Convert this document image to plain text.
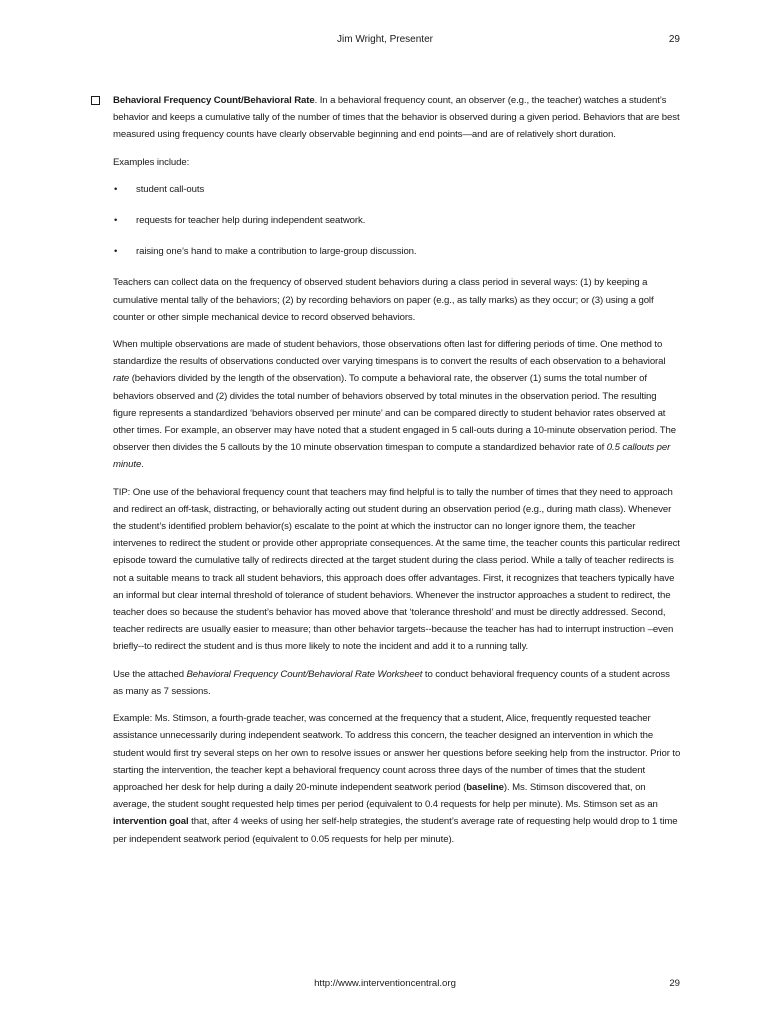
Jim Wright, Presenter	29

Behavioral Frequency Count/Behavioral Rate. In a behavioral frequency count, an observer (e.g., the teacher) watches a student’s behavior and keeps a cumulative tally of the number of times that the behavior is observed during a given period. Behaviors that are best measured using frequency counts have clearly observable beginning and end points—and are of relatively short duration.

Examples include:

• student call-outs
• requests for teacher help during independent seatwork.
• raising one’s hand to make a contribution to large-group discussion.

Teachers can collect data on the frequency of observed student behaviors during a class period in several ways: (1) by keeping a cumulative mental tally of the behaviors; (2) by recording behaviors on paper (e.g., as tally marks) as they occur; or (3) using a golf counter or other simple mechanical device to record observed behaviors.

When multiple observations are made of student behaviors, those observations often last for differing periods of time. One method to standardize the results of observations conducted over varying timespans is to convert the results of each observation to a behavioral rate (behaviors divided by the length of the observation). To compute a behavioral rate, the observer (1) sums the total number of behaviors observed and (2) divides the total number of behaviors observed by total minutes in the observation period. The resulting figure represents a standardized ‘behaviors observed per minute’ and can be compared directly to student behavior rates observed at other times. For example, an observer may have noted that a student engaged in 5 call-outs during a 10-minute observation period. The observer then divides the 5 callouts by the 10 minute observation timespan to compute a standardized behavior rate of 0.5 callouts per minute.

TIP: One use of the behavioral frequency count that teachers may find helpful is to tally the number of times that they need to approach and redirect an off-task, distracting, or behaviorally acting out student during an observation period (e.g., during math class). Whenever the student’s identified problem behavior(s) escalate to the point at which the instructor can no longer ignore them, the teacher intervenes to redirect the student or provide other appropriate consequences. At the same time, the teacher counts this particular redirect episode toward the cumulative tally of redirects directed at the target student during the class period. While a tally of teacher redirects is not a suitable means to track all student behaviors, this approach does offer advantages. First, it recognizes that teachers typically have an informal but clear internal threshold of tolerance of student behaviors. Whenever the instructor approaches a student to redirect, the teacher does so because the student’s behavior has moved above that ‘tolerance threshold’ and must be directly addressed. Second, teacher redirects are usually easier to measure; than other behavior targets--because the teacher has had to interrupt instruction –even briefly--to redirect the student and is thus more likely to note the incident and add it to a running tally.

Use the attached Behavioral Frequency Count/Behavioral Rate Worksheet to conduct behavioral frequency counts of a student across as many as 7 sessions.

Example: Ms. Stimson, a fourth-grade teacher, was concerned at the frequency that a student, Alice, frequently requested teacher assistance unnecessarily during independent seatwork. To address this concern, the teacher designed an intervention in which the student would first try several steps on her own to resolve issues or answer her questions before seeking help from the instructor. Prior to starting the intervention, the teacher kept a behavioral frequency count across three days of the number of times that the student approached her desk for help during a daily 20-minute independent seatwork period (baseline). Ms. Stimson discovered that, on average, the student sought requested help times per period (equivalent to 0.4 requests for help per minute). Ms. Stimson set as an intervention goal that, after 4 weeks of using her self-help strategies, the student’s average rate of requesting help would drop to 1 time per independent seatwork period (equivalent to 0.05 requests for help per minute).

http://www.interventioncentral.org	29
